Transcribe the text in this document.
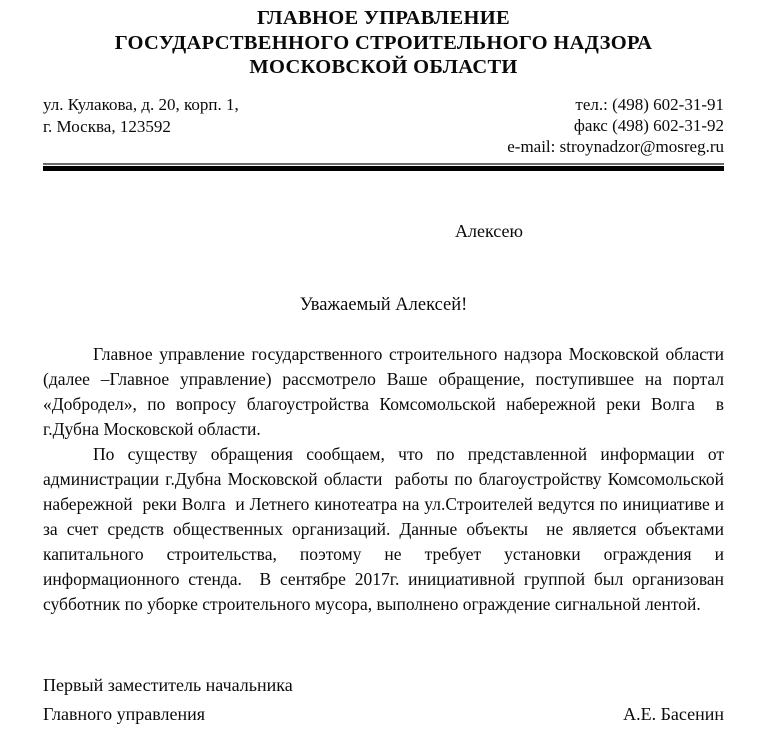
ГЛАВНОЕ УПРАВЛЕНИЕ
ГОСУДАРСТВЕННОГО СТРОИТЕЛЬНОГО НАДЗОРА
МОСКОВСКОЙ ОБЛАСТИ
ул. Кулакова, д. 20, корп. 1,
г. Москва, 123592
тел.: (498) 602-31-91
факс (498) 602-31-92
e-mail: stroynadzor@mosreg.ru
Алексею
Уважаемый Алексей!

Главное управление государственного строительного надзора Московской области (далее –Главное управление) рассмотрело Ваше обращение, поступившее на портал «Добродел», по вопросу благоустройства Комсомольской набережной реки Волга  в г.Дубна Московской области.

По существу обращения сообщаем, что по представленной информации от администрации г.Дубна Московской области  работы по благоустройству Комсомольской набережной  реки Волга  и Летнего кинотеатра на ул.Строителей ведутся по инициативе и за счет средств общественных организаций. Данные объекты  не является объектами капитального строительства, поэтому не требует установки ограждения и информационного стенда.  В сентябре 2017г. инициативной группой был организован субботник по уборке строительного мусора, выполнено ограждение сигнальной лентой.

Первый заместитель начальника
Главного управления	А.Е. Басенин
